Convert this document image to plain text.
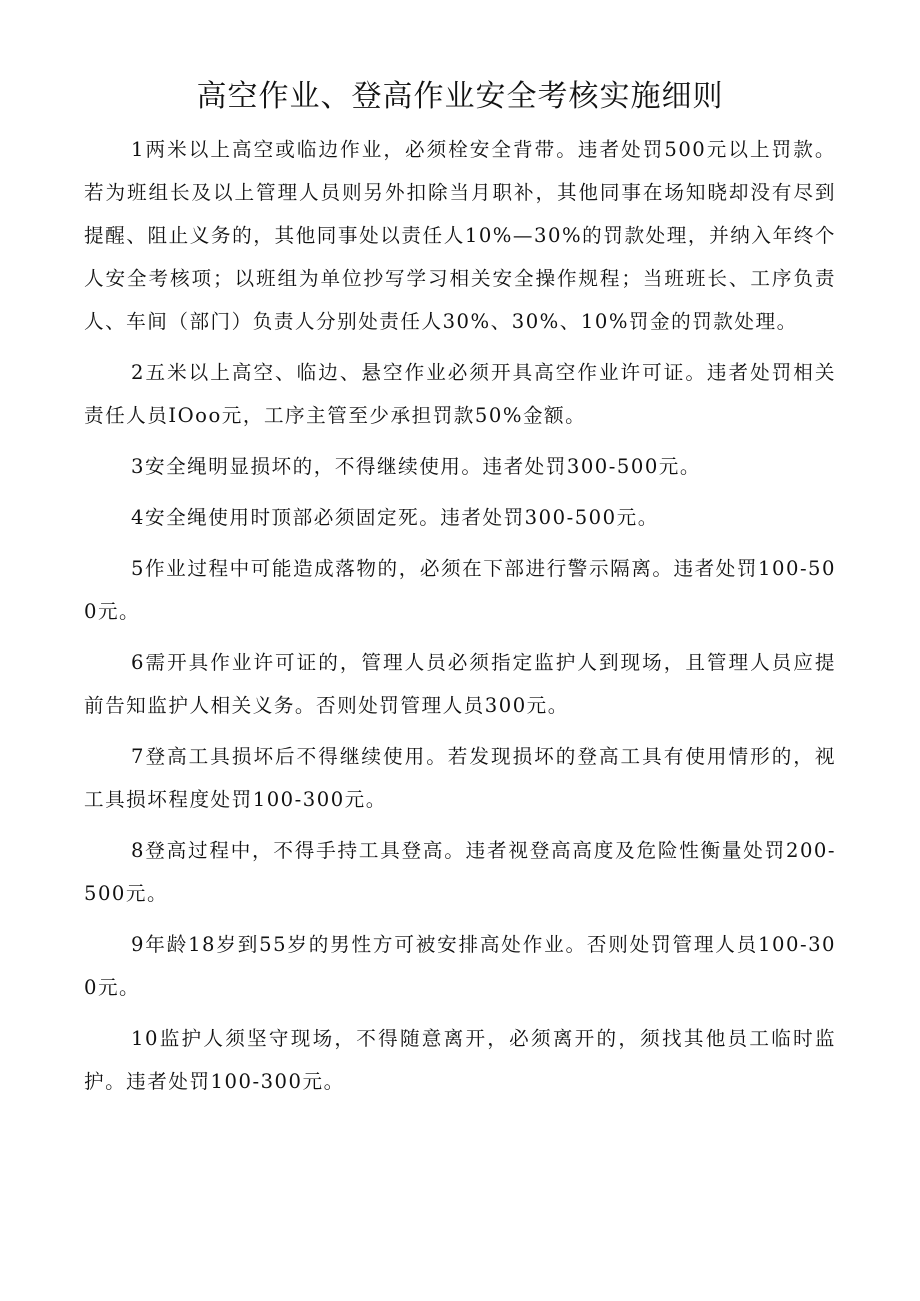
高空作业、登高作业安全考核实施细则

1两米以上高空或临边作业，必须栓安全背带。违者处罚500元以上罚款。若为班组长及以上管理人员则另外扣除当月职补，其他同事在场知晓却没有尽到提醒、阻止义务的，其他同事处以责任人10%—30%的罚款处理，并纳入年终个人安全考核项；以班组为单位抄写学习相关安全操作规程；当班班长、工序负责人、车间（部门）负责人分别处责任人30%、30%、10%罚金的罚款处理。

2五米以上高空、临边、悬空作业必须开具高空作业许可证。违者处罚相关责任人员IOoo元，工序主管至少承担罚款50%金额。

3安全绳明显损坏的，不得继续使用。违者处罚300-500元。

4安全绳使用时顶部必须固定死。违者处罚300-500元。

5作业过程中可能造成落物的，必须在下部进行警示隔离。违者处罚100-500元。

6需开具作业许可证的，管理人员必须指定监护人到现场，且管理人员应提前告知监护人相关义务。否则处罚管理人员300元。

7登高工具损坏后不得继续使用。若发现损坏的登高工具有使用情形的，视工具损坏程度处罚100-300元。

8登高过程中，不得手持工具登高。违者视登高高度及危险性衡量处罚200-500元。

9年龄18岁到55岁的男性方可被安排高处作业。否则处罚管理人员100-300元。

10监护人须坚守现场，不得随意离开，必须离开的，须找其他员工临时监护。违者处罚100-300元。
